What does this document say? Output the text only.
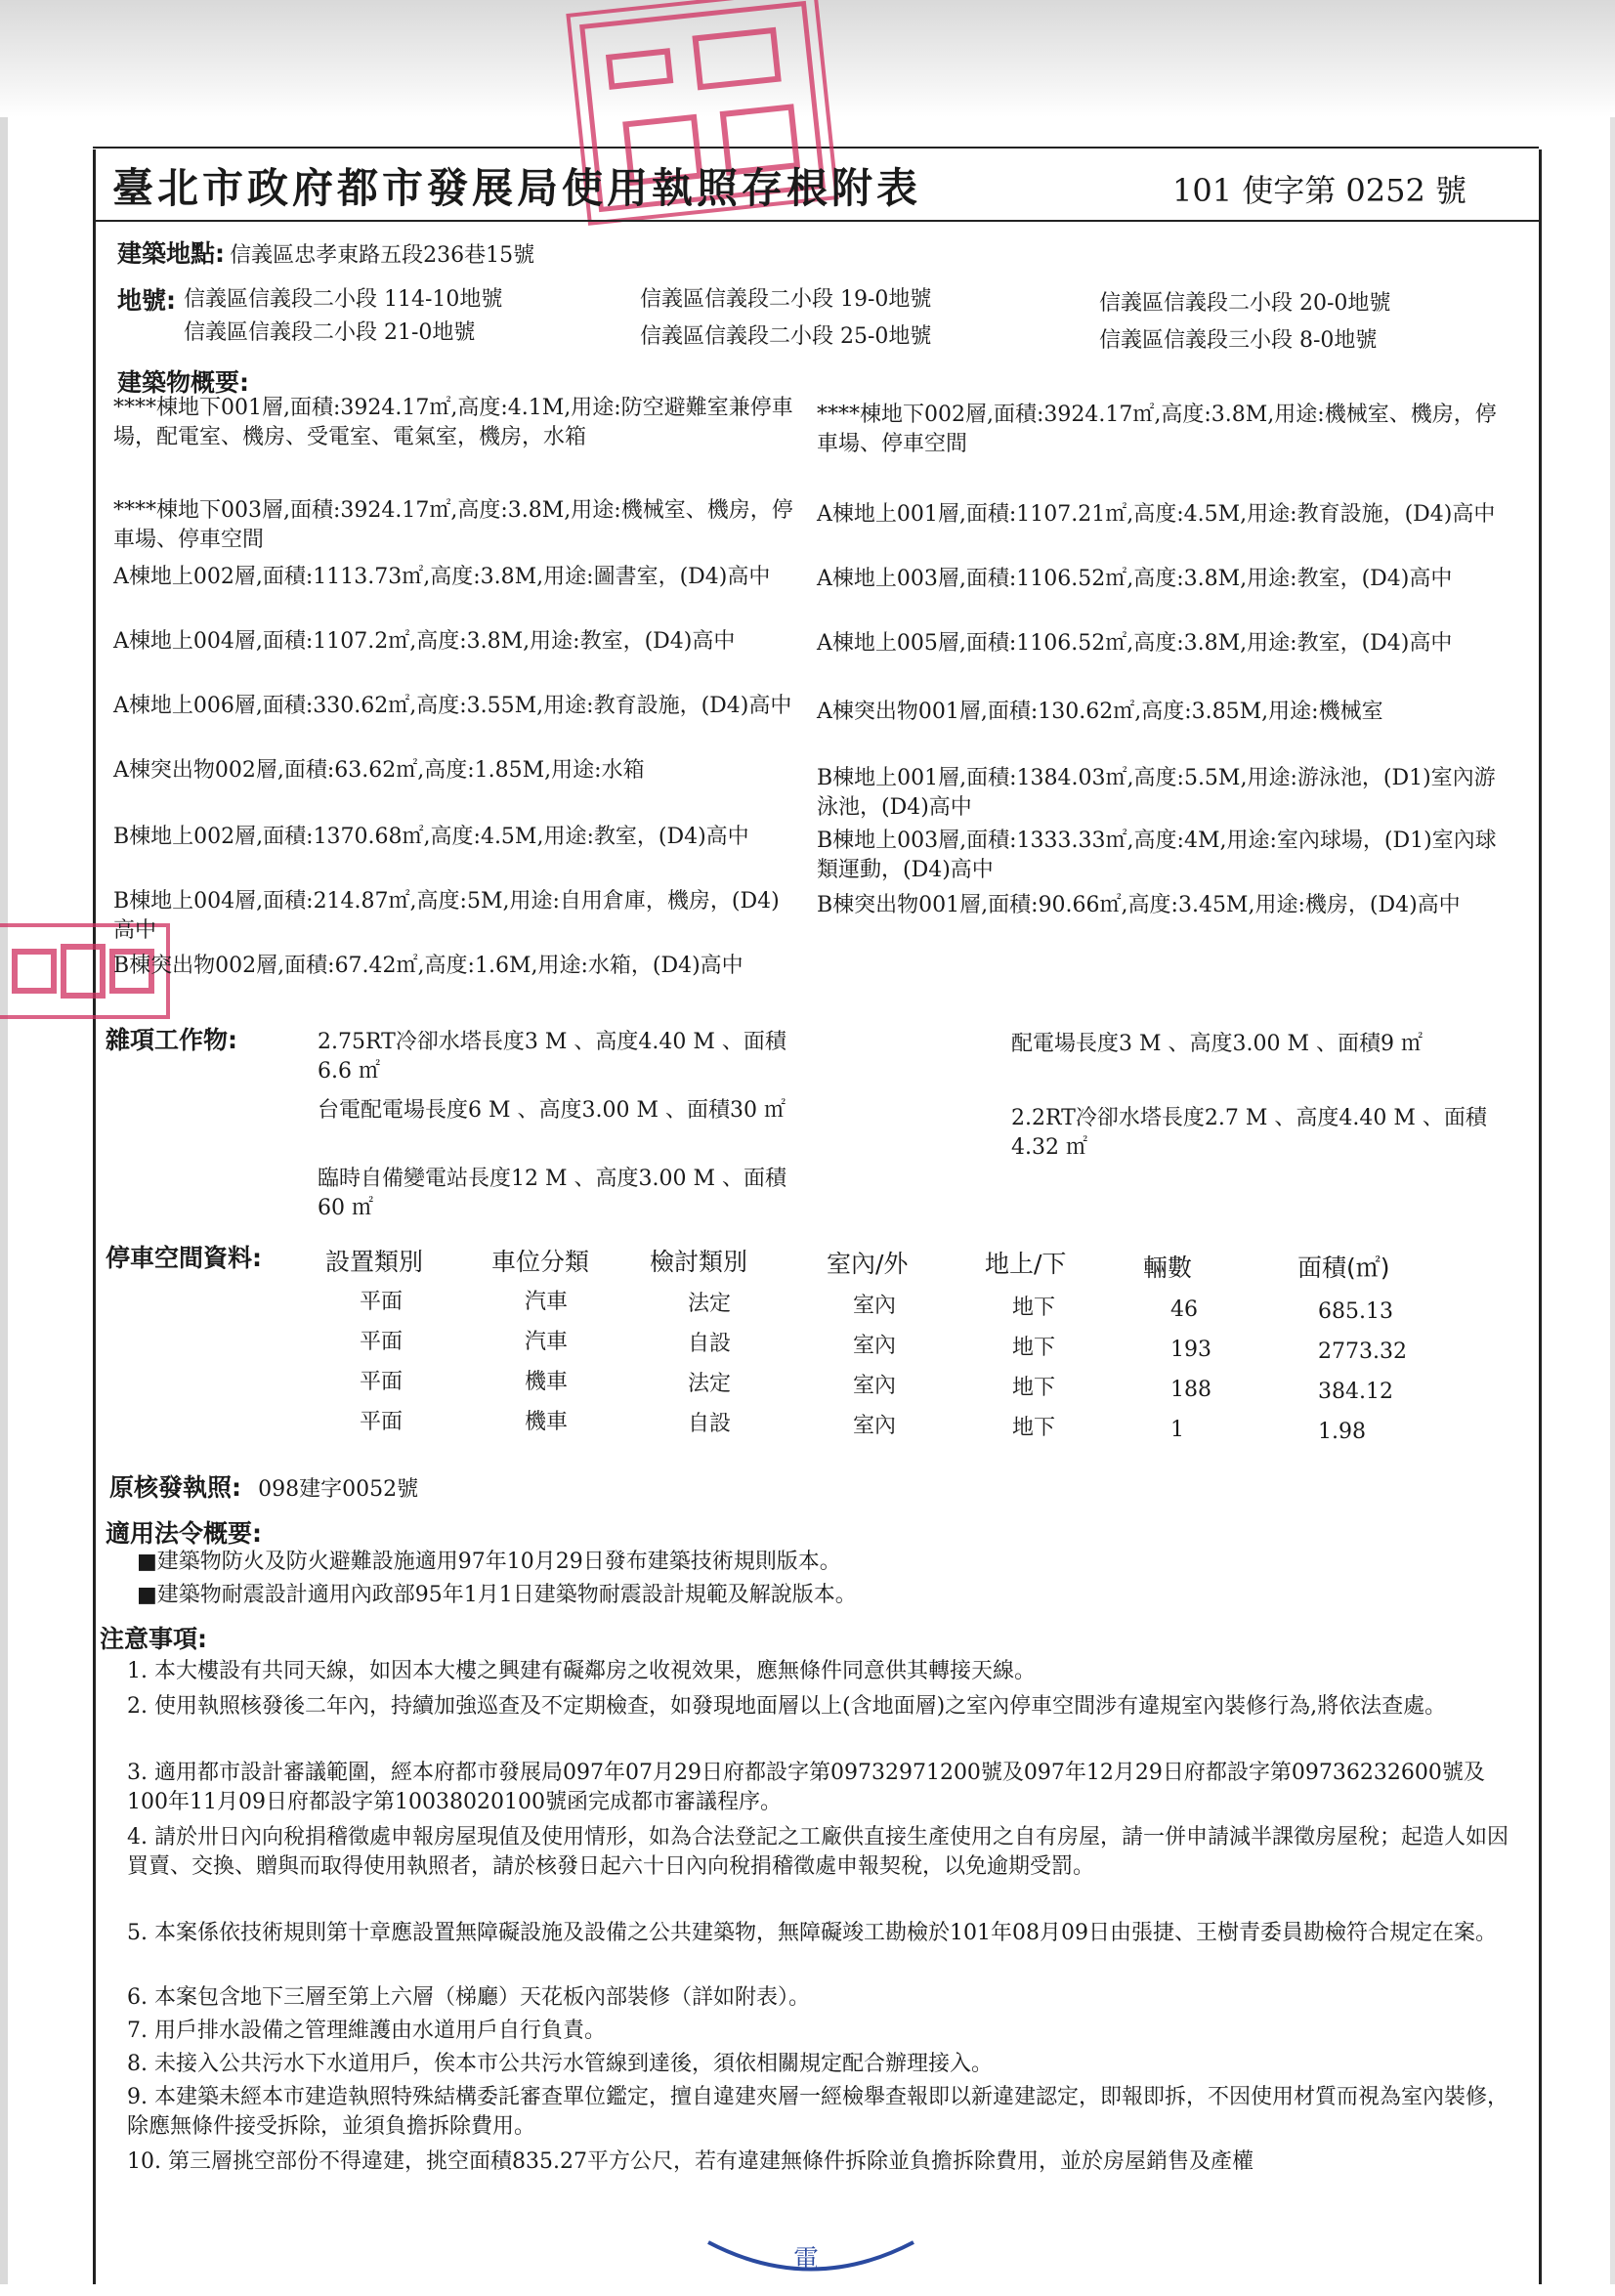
臺北市政府都市發展局使用執照存根附表	101 使字第 0252 號
建築地點: 信義區忠孝東路五段236巷15號
地號: 信義區信義段二小段 114-10地號	信義區信義段二小段 19-0地號	信義區信義段二小段 20-0地號
信義區信義段二小段 21-0地號	信義區信義段二小段 25-0地號	信義區信義段三小段 8-0地號
建築物概要:
****棟地下001層,面積:3924.17㎡,高度:4.1M,用途:防空避難室兼停車場，配電室、機房、受電室、電氣室，機房，水箱
****棟地下002層,面積:3924.17㎡,高度:3.8M,用途:機械室、機房，停車場、停車空間
****棟地下003層,面積:3924.17㎡,高度:3.8M,用途:機械室、機房，停車場、停車空間
A棟地上001層,面積:1107.21㎡,高度:4.5M,用途:教育設施，(D4)高中
A棟地上002層,面積:1113.73㎡,高度:3.8M,用途:圖書室，(D4)高中	A棟地上003層,面積:1106.52㎡,高度:3.8M,用途:教室，(D4)高中
A棟地上004層,面積:1107.2㎡,高度:3.8M,用途:教室，(D4)高中	A棟地上005層,面積:1106.52㎡,高度:3.8M,用途:教室，(D4)高中
A棟地上006層,面積:330.62㎡,高度:3.55M,用途:教育設施，(D4)高中 A棟突出物001層,面積:130.62㎡,高度:3.85M,用途:機械室
A棟突出物002層,面積:63.62㎡,高度:1.85M,用途:水箱	B棟地上001層,面積:1384.03㎡,高度:5.5M,用途:游泳池，(D1)室內游泳池，(D4)高中
B棟地上002層,面積:1370.68㎡,高度:4.5M,用途:教室，(D4)高中	B棟地上003層,面積:1333.33㎡,高度:4M,用途:室內球場，(D1)室內球類運動，(D4)高中
B棟地上004層,面積:214.87㎡,高度:5M,用途:自用倉庫，機房，(D4)高中
B棟突出物001層,面積:90.66㎡,高度:3.45M,用途:機房，(D4)高中
B棟突出物002層,面積:67.42㎡,高度:1.6M,用途:水箱，(D4)高中
雜項工作物:	2.75RT冷卻水塔長度3 M 、高度4.40 M 、面積6.6 ㎡
配電場長度3 M 、高度3.00 M 、面積9 ㎡
台電配電場長度6 M 、高度3.00 M 、面積30 ㎡	2.2RT冷卻水塔長度2.7 M 、高度4.40 M 、面積4.32 ㎡
臨時自備變電站長度12 M 、高度3.00 M 、面積60 ㎡
停車空間資料:	設置類別	車位分類 檢討類別	室內/外	地上/下	輛數	面積(㎡)
平面	汽車	法定	室內	地下	46	685.13
平面	汽車	自設	室內	地下	193	2773.32
平面	機車	法定	室內	地下	188	384.12
平面	機車	自設	室內	地下	1	1.98
原核發執照: 098建字0052號
適用法令概要:
■建築物防火及防火避難設施適用97年10月29日發布建築技術規則版本。
■建築物耐震設計適用內政部95年1月1日建築物耐震設計規範及解說版本。
注意事項:
1. 本大樓設有共同天線，如因本大樓之興建有礙鄰房之收視效果，應無條件同意供其轉接天線。
2. 使用執照核發後二年內，持續加強巡查及不定期檢查，如發現地面層以上(含地面層)之室內停車空間涉有違規室內裝修行為,將依法查處。
3. 適用都市設計審議範圍，經本府都市發展局097年07月29日府都設字第09732971200號及097年12月29日府都設字第09736232600號及100年11月09日府都設字第10038020100號函完成都市審議程序。
4. 請於卅日內向稅捐稽徵處申報房屋現值及使用情形，如為合法登記之工廠供直接生產使用之自有房屋，請一併申請減半課徵房屋稅；起造人如因買賣、交換、贈與而取得使用執照者，請於核發日起六十日內向稅捐稽徵處申報契稅，以免逾期受罰。
5. 本案係依技術規則第十章應設置無障礙設施及設備之公共建築物，無障礙竣工勘檢於101年08月09日由張捷、王樹青委員勘檢符合規定在案。
6. 本案包含地下三層至第上六層（梯廳）天花板內部裝修（詳如附表）。
7. 用戶排水設備之管理維護由水道用戶自行負責。
8. 未接入公共污水下水道用戶，俟本市公共污水管線到達後，須依相關規定配合辦理接入。
9. 本建築未經本市建造執照特殊結構委託審查單位鑑定，擅自違建夾層一經檢舉查報即以新違建認定，即報即拆，不因使用材質而視為室內裝修，除應無條件接受拆除，並須負擔拆除費用。
10. 第三層挑空部份不得違建，挑空面積835.27平方公尺，若有違建無條件拆除並負擔拆除費用，並於房屋銷售及產權
電
